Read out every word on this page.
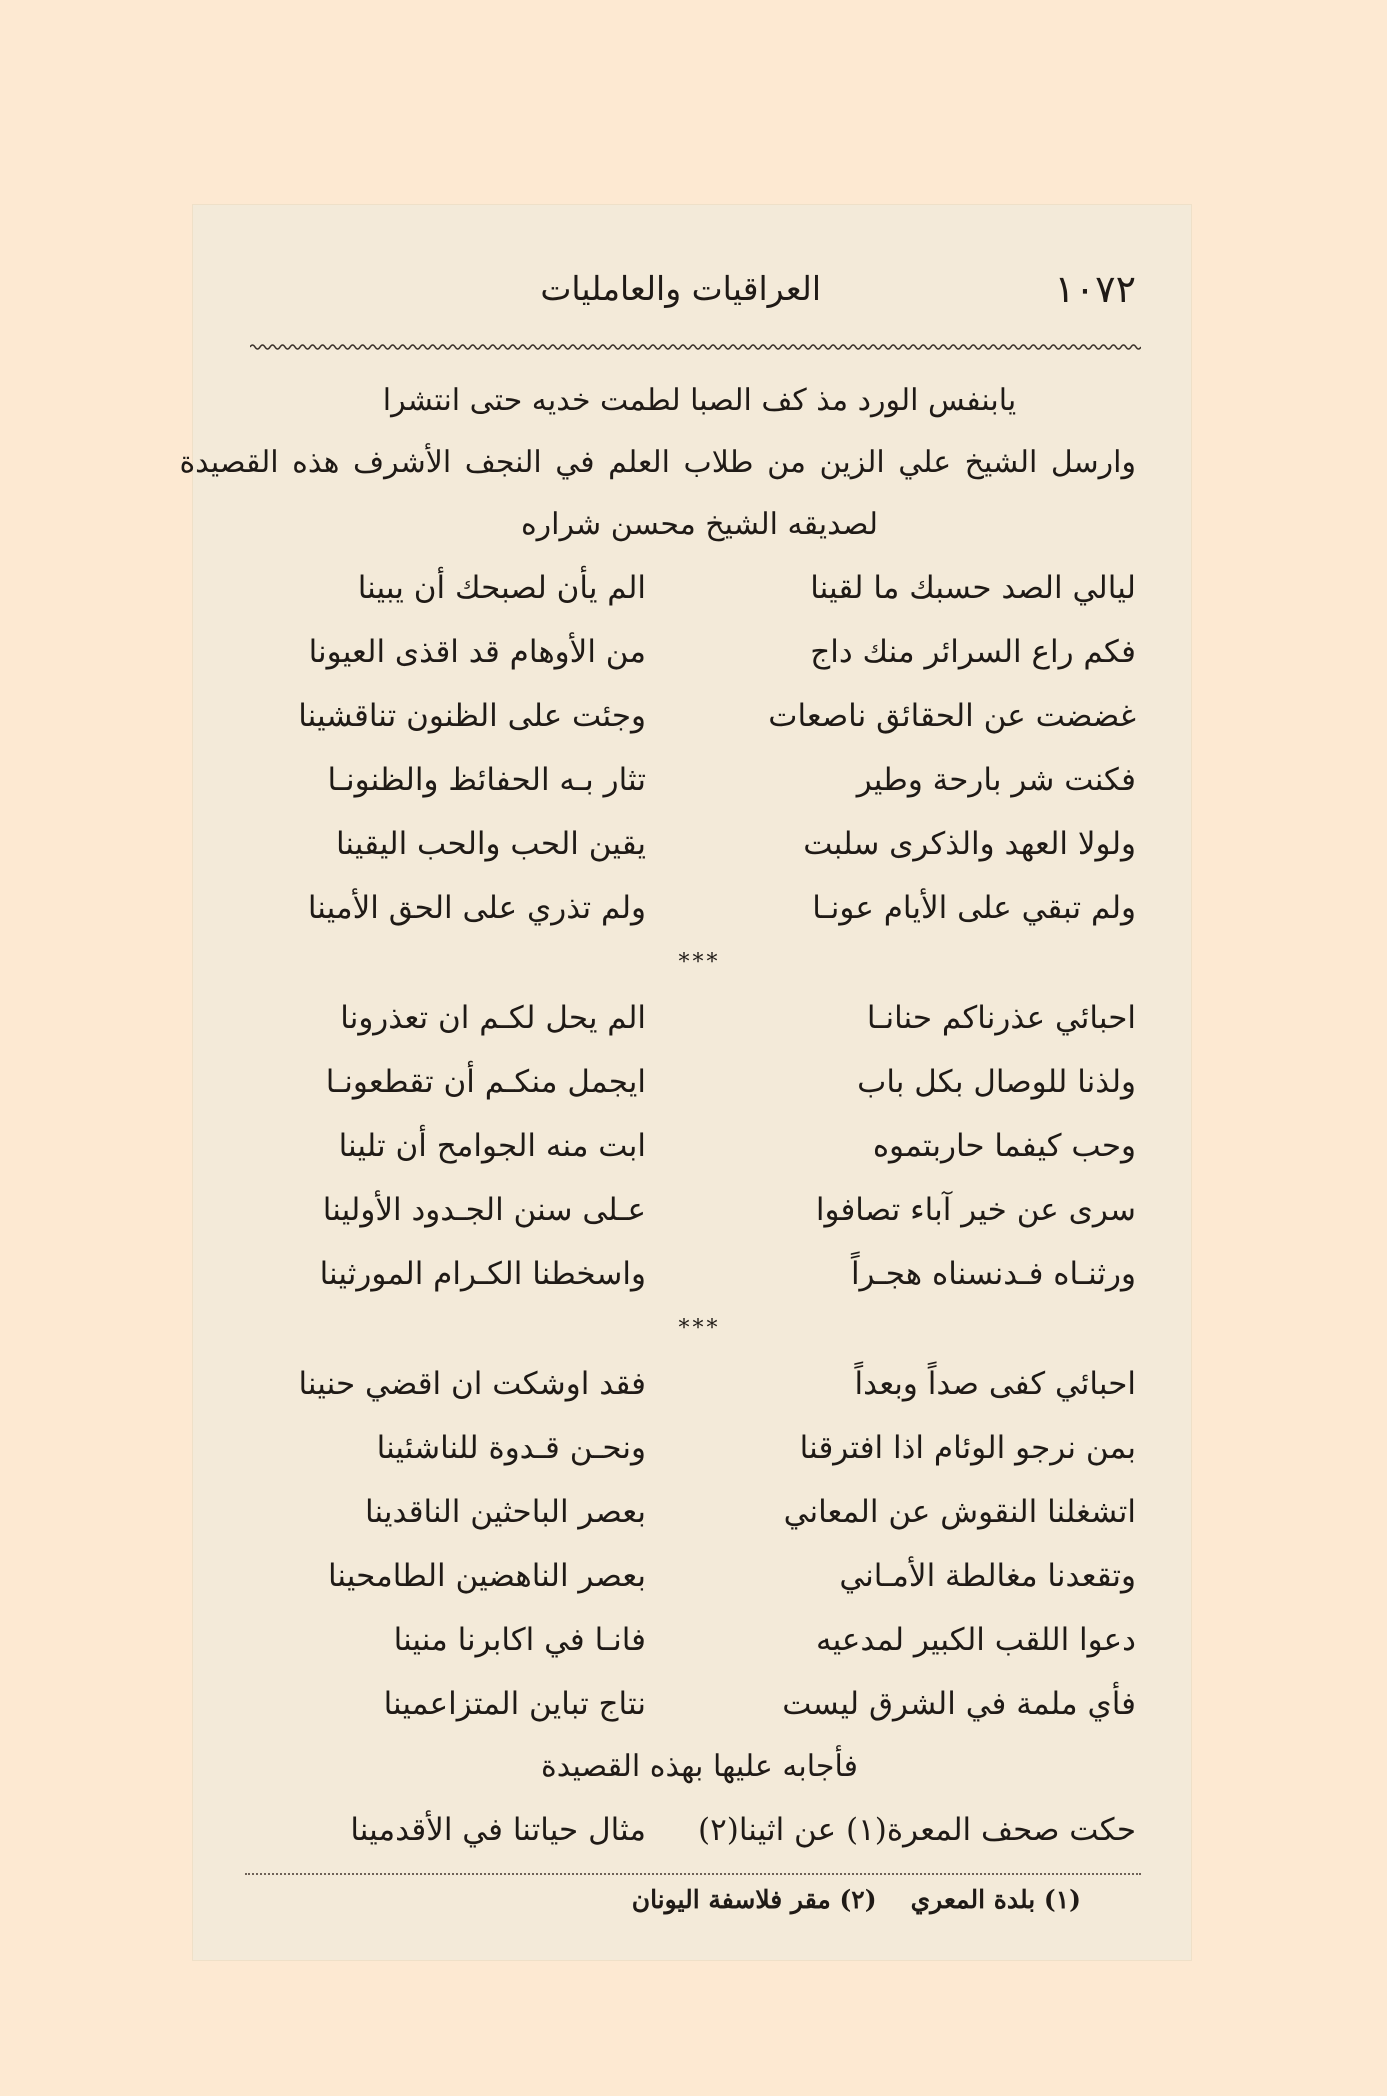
١٠٧٢
العراقيات والعامليات
يابنفس الورد مذ كف الصبا لطمت خديه حتى انتشرا
وارسل الشيخ علي الزين من طلاب العلم في النجف الأشرف هذه القصيدة
لصديقه الشيخ محسن شراره
ليالي الصد حسبك ما لقينا
الم يأن لصبحك أن يبينا
فكم راع السرائر منك داج
من الأوهام قد اقذى العيونا
غضضت عن الحقائق ناصعات
وجئت على الظنون تناقشينا
فكنت شر بارحة وطير
تثار بـه الحفائظ والظنونـا
ولولا العهد والذكرى سلبت
يقين الحب والحب اليقينا
ولم تبقي على الأيام عونـا
ولم تذري على الحق الأمينا
***
احبائي عذرناكم حنانـا
الم يحل لكـم ان تعذرونا
ولذنا للوصال بكل باب
ايجمل منكـم أن تقطعونـا
وحب كيفما حاربتموه
ابت منه الجوامح أن تلينا
سرى عن خير آباء تصافوا
عـلى سنن الجـدود الأولينا
ورثنـاه فـدنسناه هجـراً
واسخطنا الكـرام المورثينا
***
احبائي كفى صداً وبعداً
فقد اوشكت ان اقضي حنينا
بمن نرجو الوئام اذا افترقنا
ونحـن قـدوة للناشئينا
اتشغلنا النقوش عن المعاني
بعصر الباحثين الناقدينا
وتقعدنا مغالطة الأمـاني
بعصر الناهضين الطامحينا
دعوا اللقب الكبير لمدعيه
فانـا في اكابرنا منينا
فأي ملمة في الشرق ليست
نتاج تباين المتزاعمينا
فأجابه عليها بهذه القصيدة
حكت صحف المعرة(١) عن اثينا(٢)
مثال حياتنا في الأقدمينا
(١) بلدة المعري(٢) مقر فلاسفة اليونان
